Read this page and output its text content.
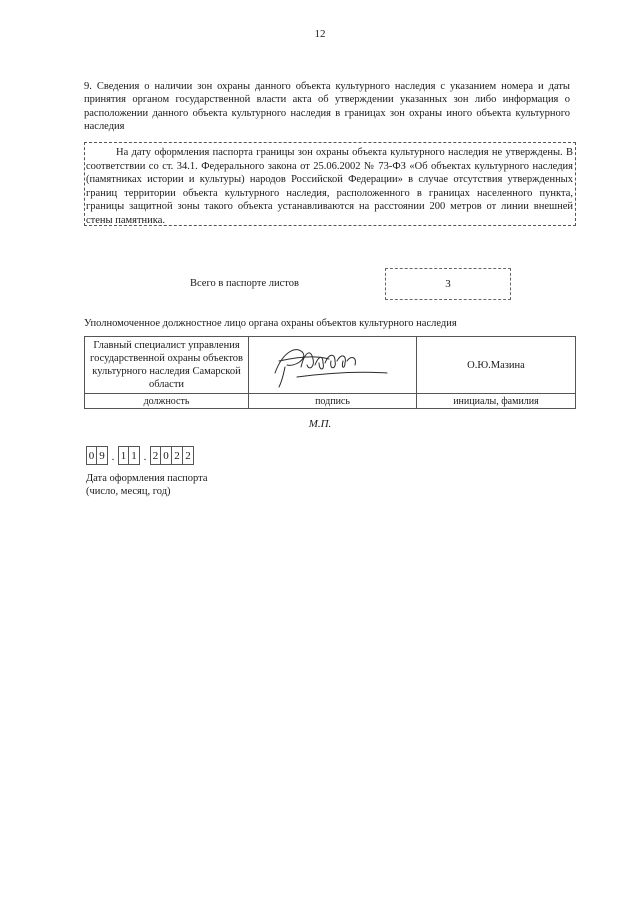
12
9. Сведения о наличии зон охраны данного объекта культурного наследия с указанием номера и даты принятия органом государственной власти акта об утверждении указанных зон либо информация о расположении данного объекта культурного наследия в границах зон охраны иного объекта культурного наследия

На дату оформления паспорта границы зон охраны объекта культурного наследия не утверждены. В соответствии со ст. 34.1. Федерального закона от 25.06.2002 № 73-ФЗ «Об объектах культурного наследия (памятниках истории и культуры) народов Российской Федерации» в случае отсутствия утвержденных границ территории объекта культурного наследия, расположенного в границах населенного пункта, границы защитной зоны такого объекта устанавливаются на расстоянии 200 метров от линии внешней стены памятника.

Всего в паспорте листов	3
Уполномоченное должностное лицо органа охраны объектов культурного наследия
Главный специалист управления государственной охраны объектов культурного наследия Самарской области		О.Ю.Мазина
должность	подпись	инициалы, фамилия
М.П.
0 9 . 1 1 . 2 0 2 2
Дата оформления паспорта
(число, месяц, год)
